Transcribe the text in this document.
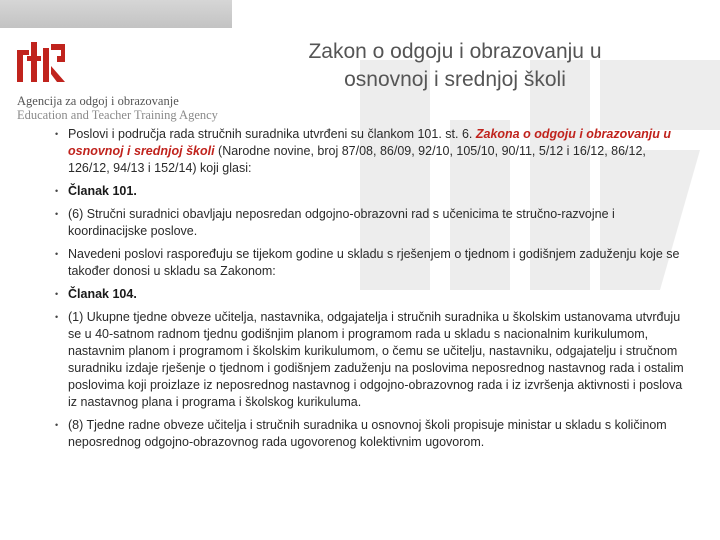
Agencija za odgoj i obrazovanje
Education and Teacher Training Agency
Zakon o odgoju i obrazovanju u
osnovnoj i srednjoj školi
• Poslovi i područja rada stručnih suradnika utvrđeni su člankom 101. st. 6. Zakona o odgoju i obrazovanju u osnovnoj i srednjoj školi (Narodne novine, broj 87/08, 86/09, 92/10, 105/10, 90/11, 5/12 i 16/12, 86/12, 126/12, 94/13 i 152/14) koji glasi:
• Članak 101.
• (6) Stručni suradnici obavljaju neposredan odgojno-obrazovni rad s učenicima te stručno-razvojne i koordinacijske poslove.
• Navedeni poslovi raspoređuju se tijekom godine u skladu s rješenjem o tjednom i godišnjem zaduženju koje se također donosi u skladu sa Zakonom:
• Članak 104.
• (1) Ukupne tjedne obveze učitelja, nastavnika, odgajatelja i stručnih suradnika u školskim ustanovama utvrđuju se u 40-satnom radnom tjednu godišnjim planom i programom rada u skladu s nacionalnim kurikulumom, nastavnim planom i programom i školskim kurikulumom, o čemu se učitelju, nastavniku, odgajatelju i stručnom suradniku izdaje rješenje o tjednom i godišnjem zaduženju na poslovima neposrednog nastavnog rada i ostalim poslovima koji proizlaze iz neposrednog nastavnog i odgojno-obrazovnog rada i iz izvršenja aktivnosti i poslova iz nastavnog plana i programa i školskog kurikuluma.
• (8) Tjedne radne obveze učitelja i stručnih suradnika u osnovnoj školi propisuje ministar u skladu s količinom neposrednog odgojno-obrazovnog rada ugovorenog kolektivnim ugovorom.
